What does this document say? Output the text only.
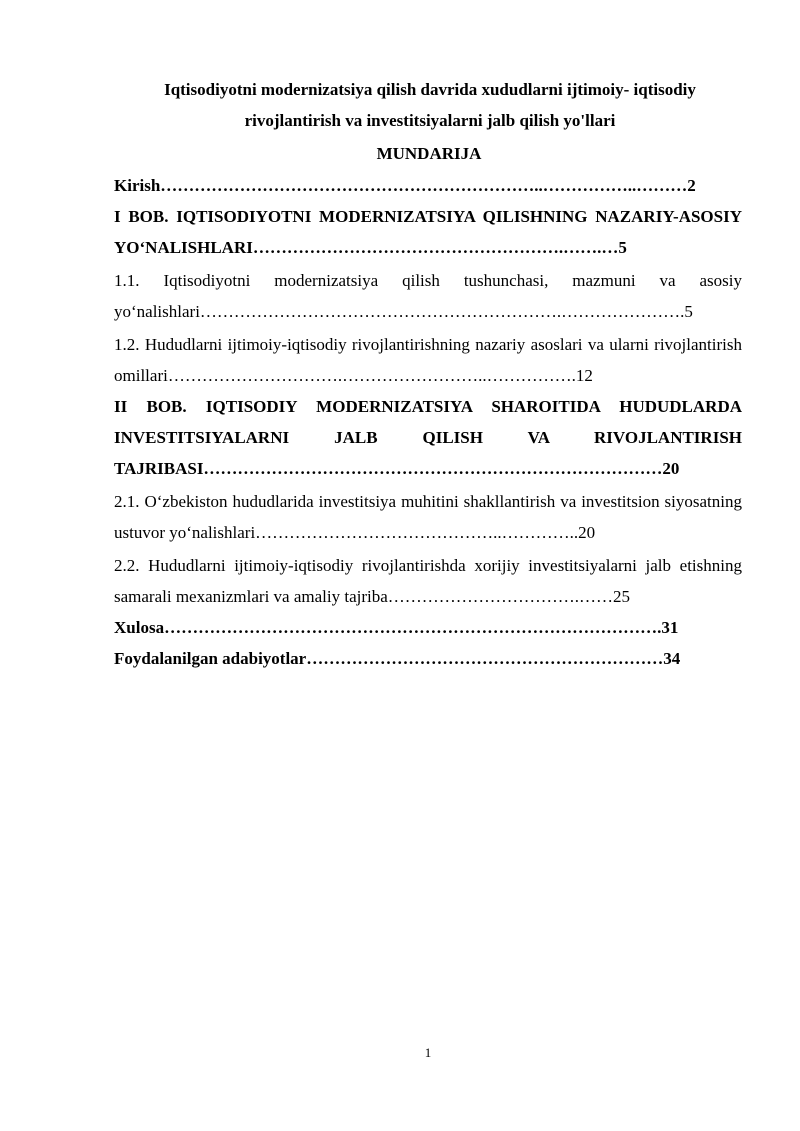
Iqtisodiyotni modernizatsiya qilish davrida xududlarni ijtimoiy- iqtisodiy
rivojlantirish va investitsiyalarni jalb qilish yo'llari

MUNDARIJA

Kirish…………………………………………………………..……………..………2

I BOB. IQTISODIYOTNI MODERNIZATSIYA QILISHNING NAZARIY-ASOSIY YO‘NALISHLARI……………………………………………….…….…5

1.1. Iqtisodiyotni modernizatsiya qilish tushunchasi, mazmuni va asosiy yo‘nalishlari……………………………………………………….………………….5

1.2. Hududlarni ijtimoiy-iqtisodiy rivojlantirishning nazariy asoslari va ularni rivojlantirish omillari………………………….……………………..…………….12

II BOB. IQTISODIY MODERNIZATSIYA SHAROITIDA HUDUDLARDA INVESTITSIYALARNI JALB QILISH VA RIVOJLANTIRISH TAJRIBASI………………………………………………………………………20

2.1. O‘zbekiston hududlarida investitsiya muhitini shakllantirish va investitsion siyosatning ustuvor yo‘nalishlari……………………………………..…………..20

2.2. Hududlarni ijtimoiy-iqtisodiy rivojlantirishda xorijiy investitsiyalarni jalb etishning samarali mexanizmlari va amaliy tajriba…………………………….……25

Xulosa…………………………………………………………………………….31

Foydalanilgan adabiyotlar………………………………………………………34

1
